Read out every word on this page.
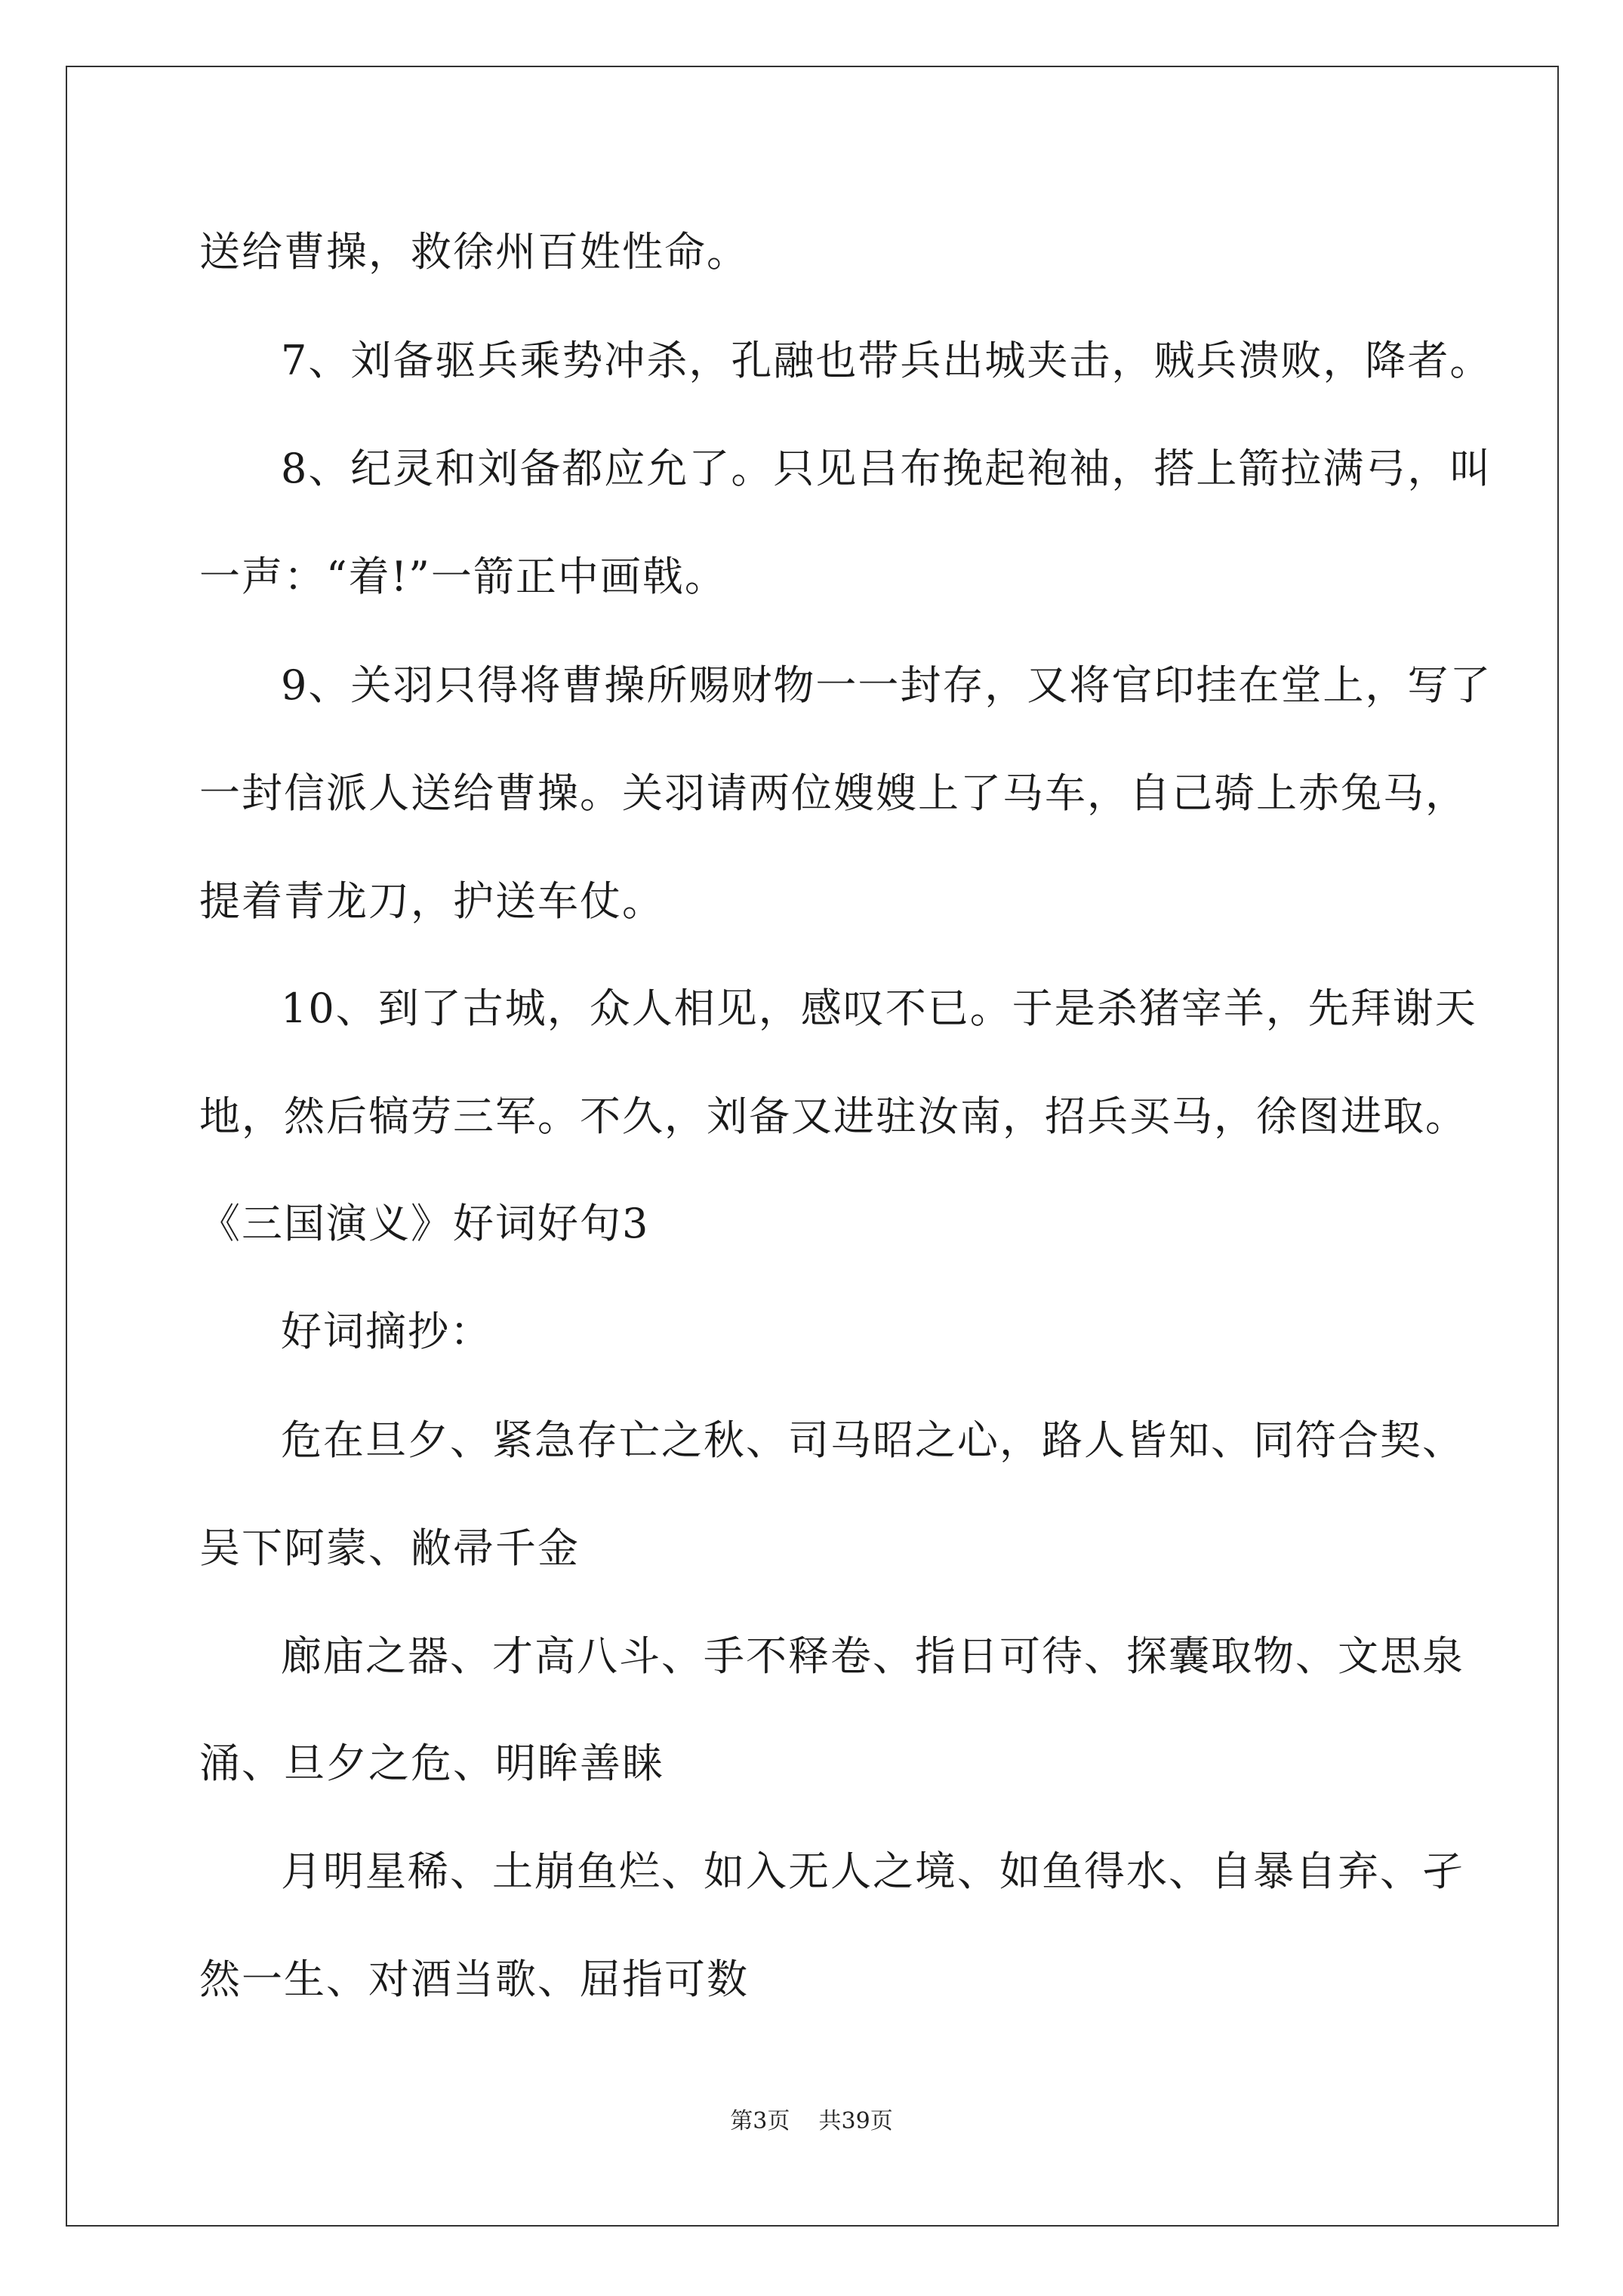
送给曹操，救徐州百姓性命。
7、刘备驱兵乘势冲杀，孔融也带兵出城夹击，贼兵溃败，降者。
8、纪灵和刘备都应允了。只见吕布挽起袍袖，搭上箭拉满弓，叫
一声：“着!”一箭正中画戟。
9、关羽只得将曹操所赐财物一一封存，又将官印挂在堂上，写了
一封信派人送给曹操。关羽请两位嫂嫂上了马车，自己骑上赤兔马，
提着青龙刀，护送车仗。
10、到了古城，众人相见，感叹不已。于是杀猪宰羊，先拜谢天
地，然后犒劳三军。不久，刘备又进驻汝南，招兵买马，徐图进取。
《三国演义》好词好句3
好词摘抄：
危在旦夕、紧急存亡之秋、司马昭之心，路人皆知、同符合契、
吴下阿蒙、敝帚千金
廊庙之器、才高八斗、手不释卷、指日可待、探囊取物、文思泉
涌、旦夕之危、明眸善睐
月明星稀、土崩鱼烂、如入无人之境、如鱼得水、自暴自弃、孑
然一生、对酒当歌、屈指可数
第3页    共39页
